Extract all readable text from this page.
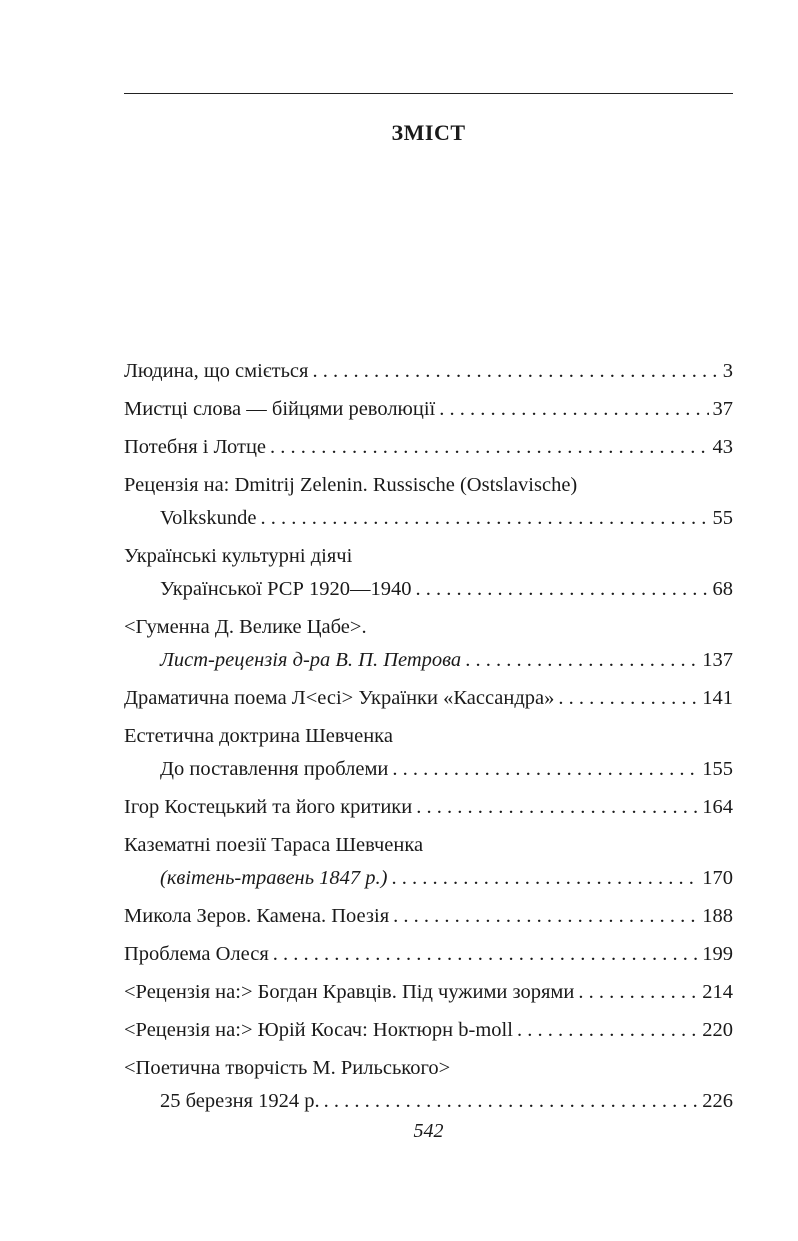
ЗМІСТ
Людина, що сміється . . .	3
Мистці слова — бійцями революції . . .	37
Потебня і Лотце . . .	43
Рецензія на: Dmitrij Zelenin. Russische (Ostslavische)
Volkskunde . . .	55
Українські культурні діячі
Української РСР 1920—1940 . . .	68
<Гуменна Д. Велике Цабе>.
Лист-рецензія д-ра В. П. Петрова . . .	137
Драматична поема Л<есі> Українки «Кассандра» . . .	141
Естетична доктрина Шевченка
До поставлення проблеми . . .	155
Ігор Костецький та його критики . . .	164
Казематні поезії Тараса Шевченка
(квітень-травень 1847 р.) . . .	170
Микола Зеров. Камена. Поезія . . .	188
Проблема Олеся . . .	199
<Рецензія на:> Богдан Кравців. Під чужими зорями . . .	214
<Рецензія на:> Юрій Косач: Ноктюрн b-moll . . .	220
<Поетична творчість М. Рильського>
25 березня 1924 р. . . .	226
542
